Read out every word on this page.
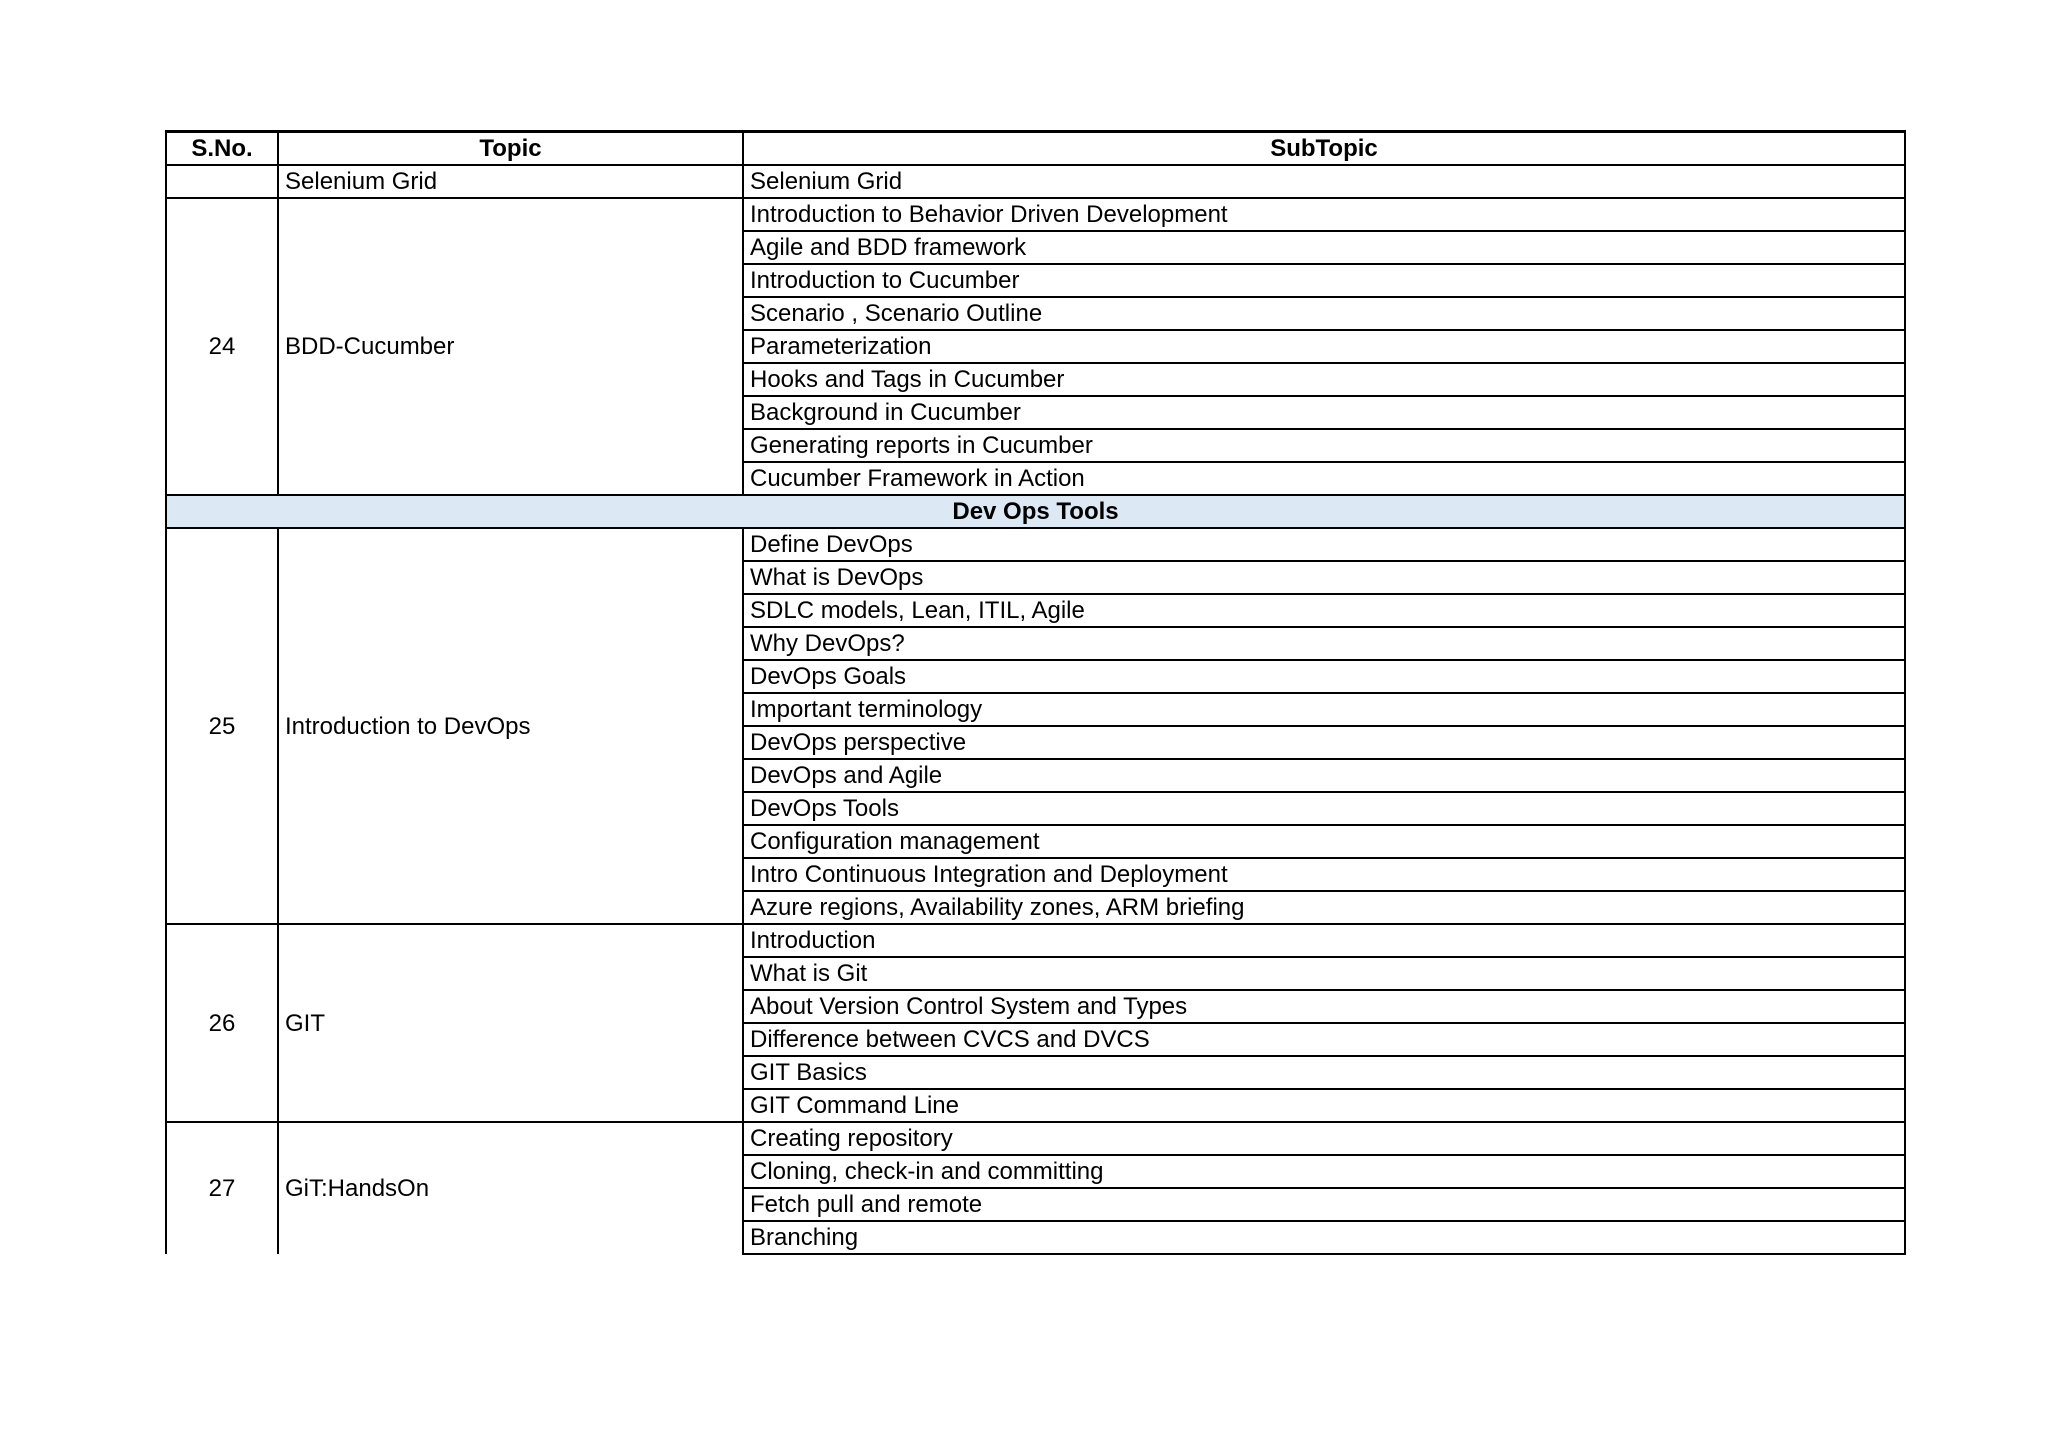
S.No.	Topic	SubTopic
	Selenium Grid	Selenium Grid
24	BDD-Cucumber	Introduction to Behavior Driven Development
		Agile and BDD framework
		Introduction to Cucumber
		Scenario , Scenario Outline
		Parameterization
		Hooks and Tags in Cucumber
		Background in Cucumber
		Generating reports in Cucumber
		Cucumber Framework in Action
Dev Ops Tools		
25	Introduction to DevOps	Define DevOps
		What is DevOps
		SDLC models, Lean, ITIL, Agile
		Why DevOps?
		DevOps Goals
		Important terminology
		DevOps perspective
		DevOps and Agile
		DevOps Tools
		Configuration management
		Intro Continuous Integration and Deployment
		Azure regions, Availability zones, ARM briefing
26	GIT	Introduction
		What is Git
		About Version Control System and Types
		Difference between CVCS and DVCS
		GIT Basics
		GIT Command Line
27	GiT:HandsOn	Creating repository
		Cloning, check-in and committing
		Fetch pull and remote
		Branching
